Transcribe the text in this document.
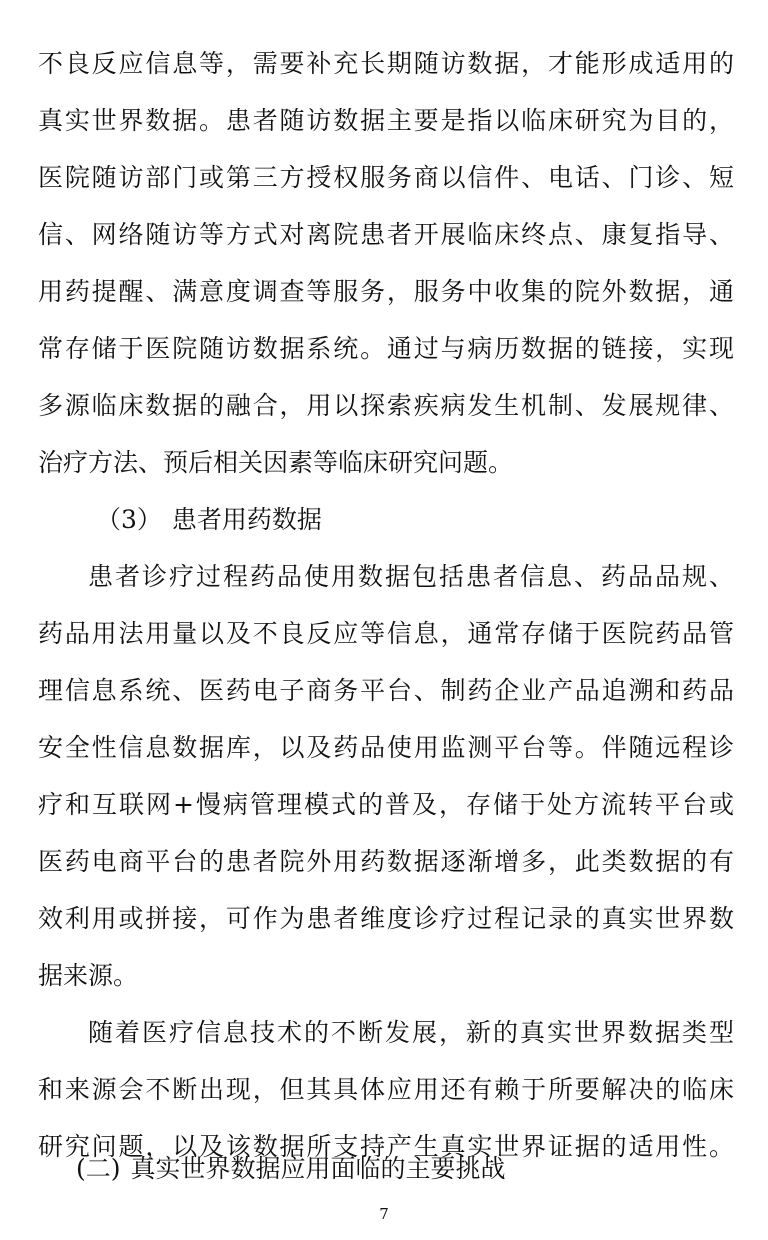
不良反应信息等，需要补充长期随访数据，才能形成适用的
真实世界数据。患者随访数据主要是指以临床研究为目的，
医院随访部门或第三方授权服务商以信件、电话、门诊、短
信、网络随访等方式对离院患者开展临床终点、康复指导、
用药提醒、满意度调查等服务，服务中收集的院外数据，通
常存储于医院随访数据系统。通过与病历数据的链接，实现
多源临床数据的融合，用以探索疾病发生机制、发展规律、
治疗方法、预后相关因素等临床研究问题。
（3） 患者用药数据
患者诊疗过程药品使用数据包括患者信息、药品品规、
药品用法用量以及不良反应等信息，通常存储于医院药品管
理信息系统、医药电子商务平台、制药企业产品追溯和药品
安全性信息数据库，以及药品使用监测平台等。伴随远程诊
疗和互联网+慢病管理模式的普及，存储于处方流转平台或
医药电商平台的患者院外用药数据逐渐增多，此类数据的有
效利用或拼接，可作为患者维度诊疗过程记录的真实世界数
据来源。
随着医疗信息技术的不断发展，新的真实世界数据类型
和来源会不断出现，但其具体应用还有赖于所要解决的临床
研究问题，以及该数据所支持产生真实世界证据的适用性。
(二) 真实世界数据应用面临的主要挑战
7
